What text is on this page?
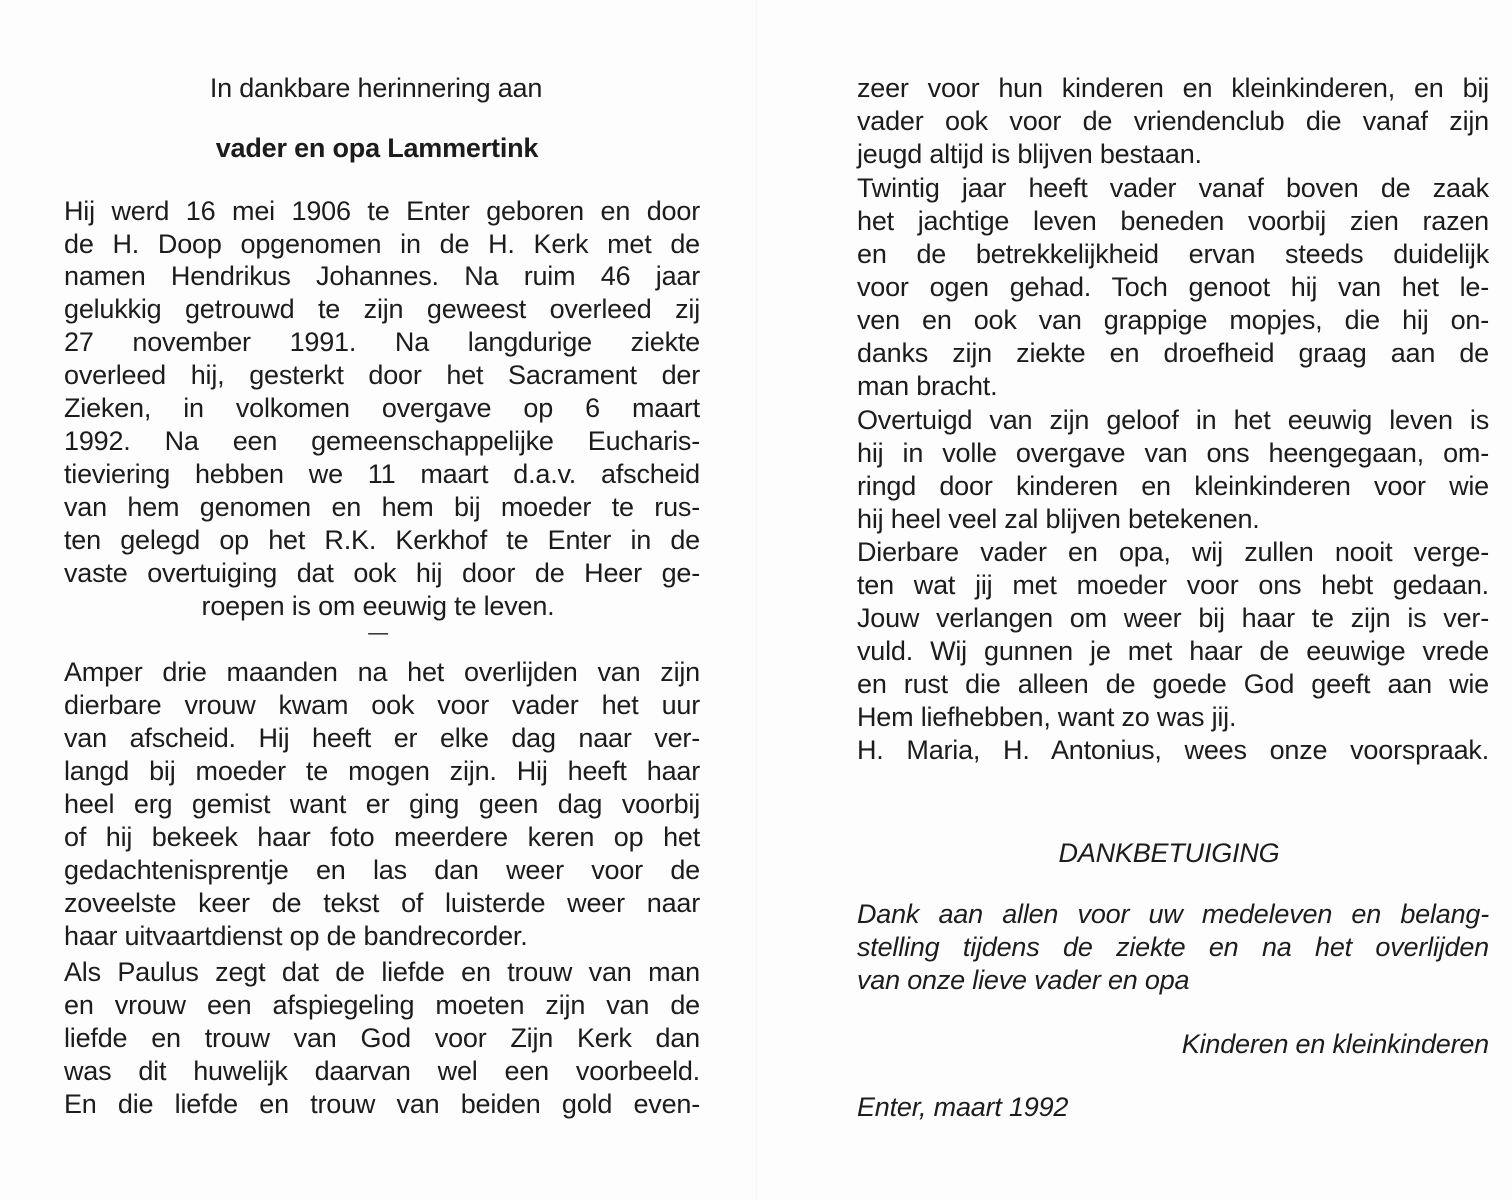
In dankbare herinnering aan
vader en opa Lammertink
Hij werd 16 mei 1906 te Enter geboren en door
de H. Doop opgenomen in de H. Kerk met de
namen Hendrikus Johannes. Na ruim 46 jaar
gelukkig getrouwd te zijn geweest overleed zij
27 november 1991. Na langdurige ziekte
overleed hij, gesterkt door het Sacrament der
Zieken, in volkomen overgave op 6 maart
1992. Na een gemeenschappelijke Eucharis-
tieviering hebben we 11 maart d.a.v. afscheid
van hem genomen en hem bij moeder te rus-
ten gelegd op het R.K. Kerkhof te Enter in de
vaste overtuiging dat ook hij door de Heer ge-
roepen is om eeuwig te leven.
—
Amper drie maanden na het overlijden van zijn
dierbare vrouw kwam ook voor vader het uur
van afscheid. Hij heeft er elke dag naar ver-
langd bij moeder te mogen zijn. Hij heeft haar
heel erg gemist want er ging geen dag voorbij
of hij bekeek haar foto meerdere keren op het
gedachtenisprentje en las dan weer voor de
zoveelste keer de tekst of luisterde weer naar
haar uitvaartdienst op de bandrecorder.
Als Paulus zegt dat de liefde en trouw van man
en vrouw een afspiegeling moeten zijn van de
liefde en trouw van God voor Zijn Kerk dan
was dit huwelijk daarvan wel een voorbeeld.
En die liefde en trouw van beiden gold even-
zeer voor hun kinderen en kleinkinderen, en bij
vader ook voor de vriendenclub die vanaf zijn
jeugd altijd is blijven bestaan.
Twintig jaar heeft vader vanaf boven de zaak
het jachtige leven beneden voorbij zien razen
en de betrekkelijkheid ervan steeds duidelijk
voor ogen gehad. Toch genoot hij van het le-
ven en ook van grappige mopjes, die hij on-
danks zijn ziekte en droefheid graag aan de
man bracht.
Overtuigd van zijn geloof in het eeuwig leven is
hij in volle overgave van ons heengegaan, om-
ringd door kinderen en kleinkinderen voor wie
hij heel veel zal blijven betekenen.
Dierbare vader en opa, wij zullen nooit verge-
ten wat jij met moeder voor ons hebt gedaan.
Jouw verlangen om weer bij haar te zijn is ver-
vuld. Wij gunnen je met haar de eeuwige vrede
en rust die alleen de goede God geeft aan wie
Hem liefhebben, want zo was jij.
H. Maria, H. Antonius, wees onze voorspraak.
DANKBETUIGING
Dank aan allen voor uw medeleven en belang-
stelling tijdens de ziekte en na het overlijden
van onze lieve vader en opa
Kinderen en kleinkinderen
Enter, maart 1992
